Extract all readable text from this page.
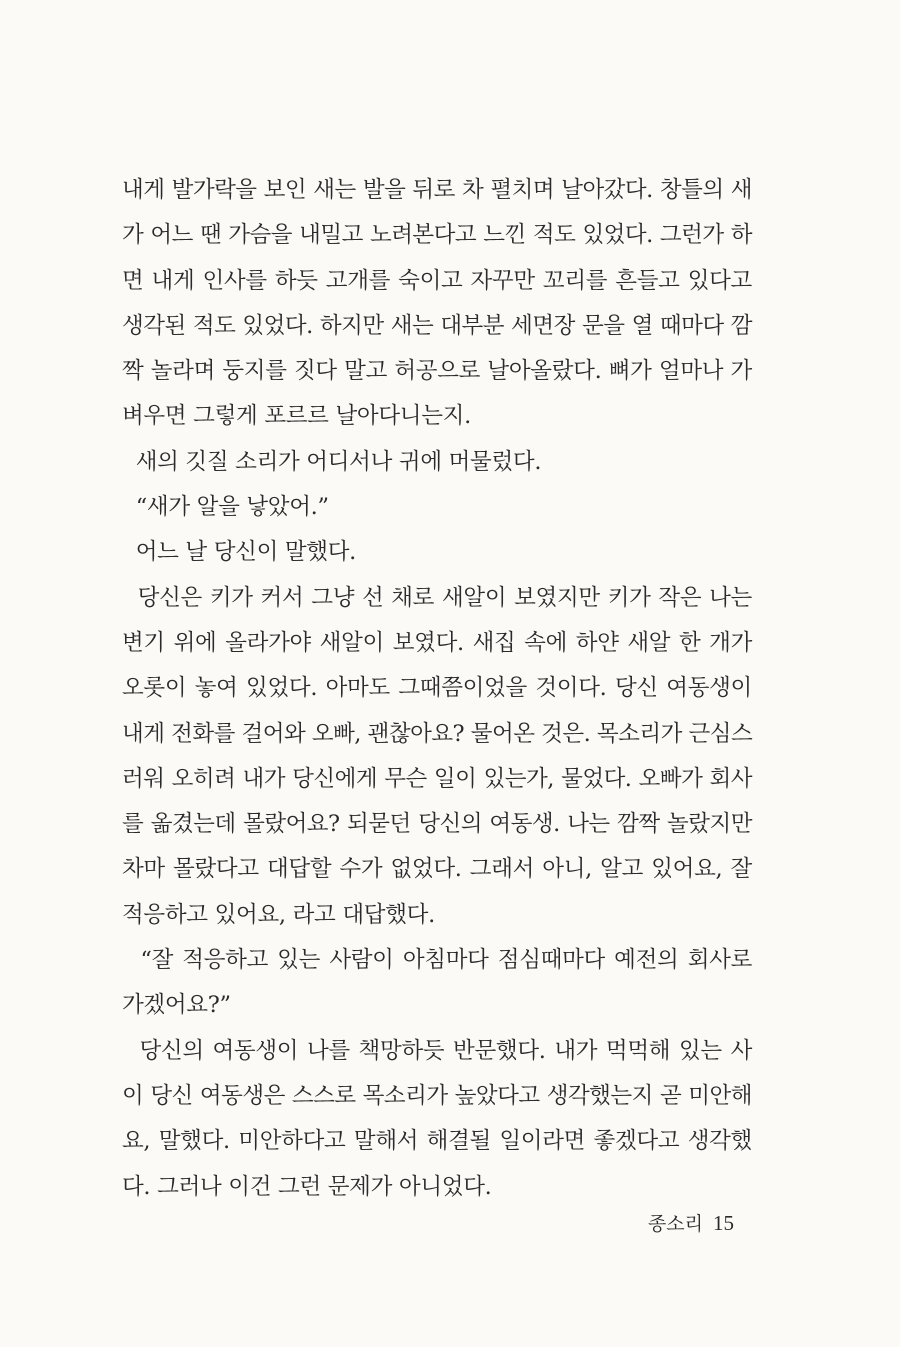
내게 발가락을 보인 새는 발을 뒤로 차 펼치며 날아갔다. 창틀의 새
가 어느 땐 가슴을 내밀고 노려본다고 느낀 적도 있었다. 그런가 하
면 내게 인사를 하듯 고개를 숙이고 자꾸만 꼬리를 흔들고 있다고
생각된 적도 있었다. 하지만 새는 대부분 세면장 문을 열 때마다 깜
짝 놀라며 둥지를 짓다 말고 허공으로 날아올랐다. 뼈가 얼마나 가
벼우면 그렇게 포르르 날아다니는지.
새의 깃질 소리가 어디서나 귀에 머물렀다.
“새가 알을 낳았어.”
어느 날 당신이 말했다.
당신은 키가 커서 그냥 선 채로 새알이 보였지만 키가 작은 나는
변기 위에 올라가야 새알이 보였다. 새집 속에 하얀 새알 한 개가
오롯이 놓여 있었다. 아마도 그때쯤이었을 것이다. 당신 여동생이
내게 전화를 걸어와 오빠, 괜찮아요? 물어온 것은. 목소리가 근심스
러워 오히려 내가 당신에게 무슨 일이 있는가, 물었다. 오빠가 회사
를 옮겼는데 몰랐어요? 되묻던 당신의 여동생. 나는 깜짝 놀랐지만
차마 몰랐다고 대답할 수가 없었다. 그래서 아니, 알고 있어요, 잘
적응하고 있어요, 라고 대답했다.
“잘 적응하고 있는 사람이 아침마다 점심때마다 예전의 회사로
가겠어요?”
당신의 여동생이 나를 책망하듯 반문했다. 내가 먹먹해 있는 사
이 당신 여동생은 스스로 목소리가 높았다고 생각했는지 곧 미안해
요, 말했다. 미안하다고 말해서 해결될 일이라면 좋겠다고 생각했
다. 그러나 이건 그런 문제가 아니었다.
종소리 15
